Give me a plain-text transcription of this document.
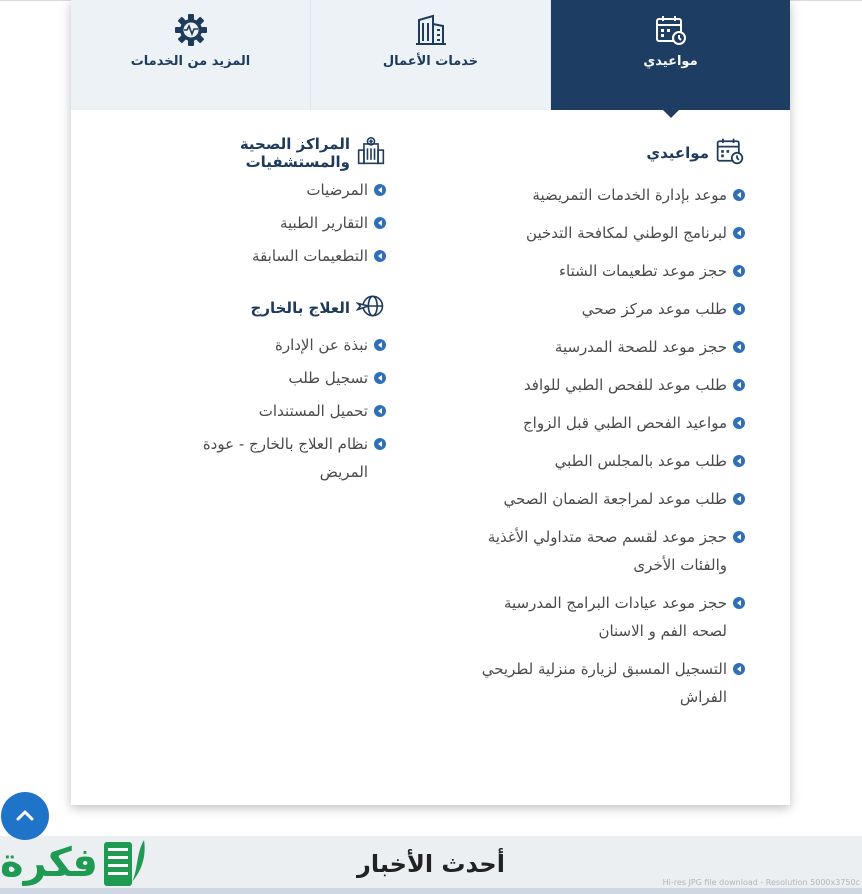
مواعيدي
خدمات الأعمال
المزيد من الخدمات
مواعيدي
موعد بإدارة الخدمات التمريضية
لبرنامج الوطني لمكافحة التدخين
حجز موعد تطعيمات الشتاء
طلب موعد مركز صحي
حجز موعد للصحة المدرسية
طلب موعد للفحص الطبي للوافد
مواعيد الفحص الطبي قبل الزواج
طلب موعد بالمجلس الطبي
طلب موعد لمراجعة الضمان الصحي
حجز موعد لقسم صحة متداولي الأغذية والفئات الأخرى
حجز موعد عيادات البرامج المدرسية لصحه الفم و الاسنان
التسجيل المسبق لزيارة منزلية لطريحي الفراش
المراكز الصحية والمستشفيات
المرضيات
التقارير الطبية
التطعيمات السابقة
العلاج بالخارج
نبذة عن الإدارة
تسجيل طلب
تحميل المستندات
نظام العلاج بالخارج - عودة المريض
أحدث الأخبار
فكرة	Hi-res JPG file download - Resolution 5000x3750c
